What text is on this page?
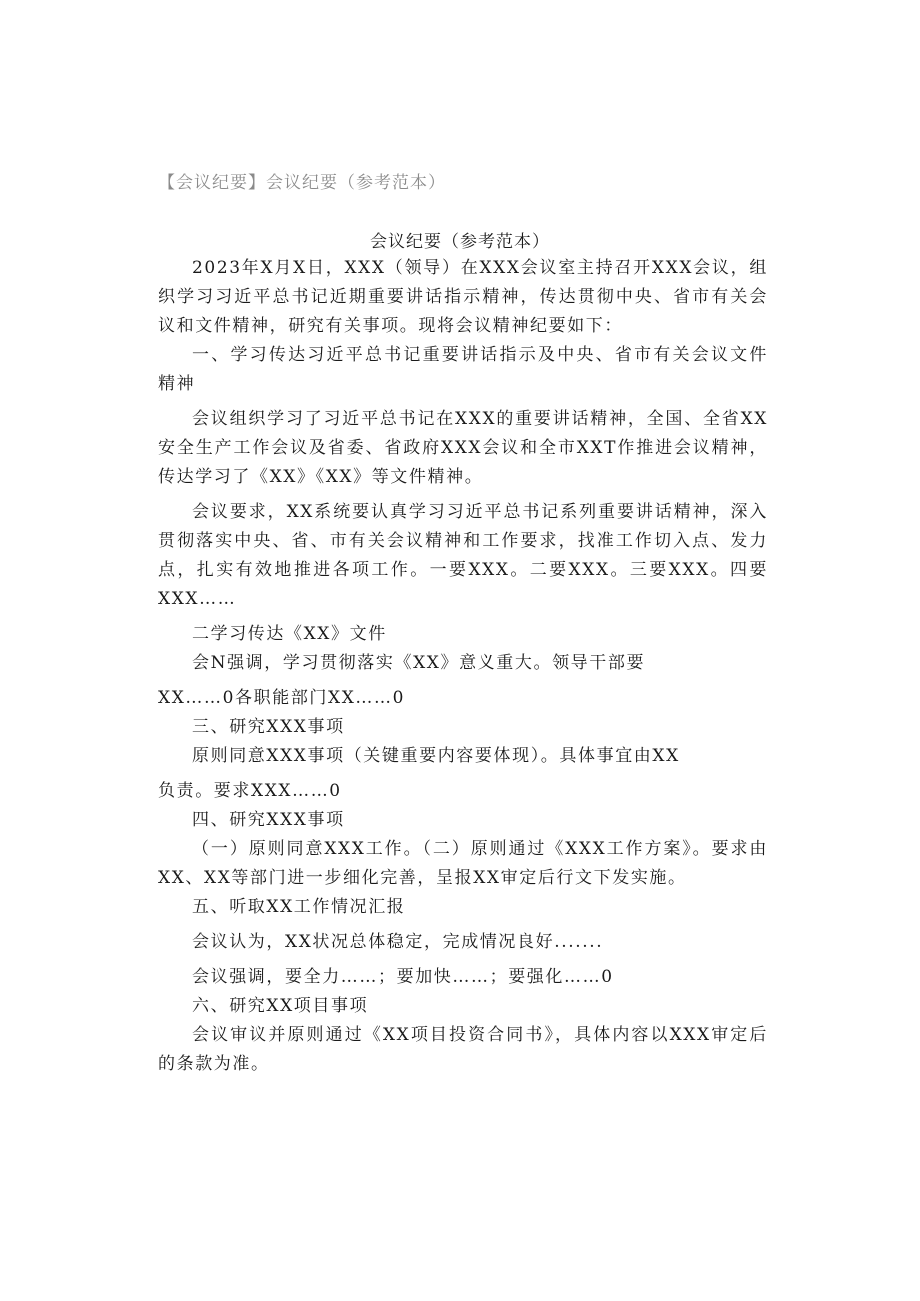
【会议纪要】会议纪要（参考范本）
会议纪要（参考范本）

2023年X月X日，XXX（领导）在XXX会议室主持召开XXX会议，组织学习习近平总书记近期重要讲话指示精神，传达贯彻中央、省市有关会议和文件精神，研究有关事项。现将会议精神纪要如下：

一、学习传达习近平总书记重要讲话指示及中央、省市有关会议文件精神

会议组织学习了习近平总书记在XXX的重要讲话精神，全国、全省XX安全生产工作会议及省委、省政府XXX会议和全市XXT作推进会议精神，传达学习了《XX》《XX》等文件精神。

会议要求，XX系统要认真学习习近平总书记系列重要讲话精神，深入贯彻落实中央、省、市有关会议精神和工作要求，找准工作切入点、发力点，扎实有效地推进各项工作。一要XXX。二要XXX。三要XXX。四要XXX……

二学习传达《XX》文件

会N强调，学习贯彻落实《XX》意义重大。领导干部要

XX……0各职能部门XX……0

三、研究XXX事项

原则同意XXX事项（关键重要内容要体现）。具体事宜由XX

负责。要求XXX……0

四、研究XXX事项

（一）原则同意XXX工作。（二）原则通过《XXX工作方案》。要求由XX、XX等部门进一步细化完善，呈报XX审定后行文下发实施。

五、听取XX工作情况汇报

会议认为，XX状况总体稳定，完成情况良好.......

会议强调，要全力……；要加快……；要强化……0

六、研究XX项目事项

会议审议并原则通过《XX项目投资合同书》，具体内容以XXX审定后的条款为准。
